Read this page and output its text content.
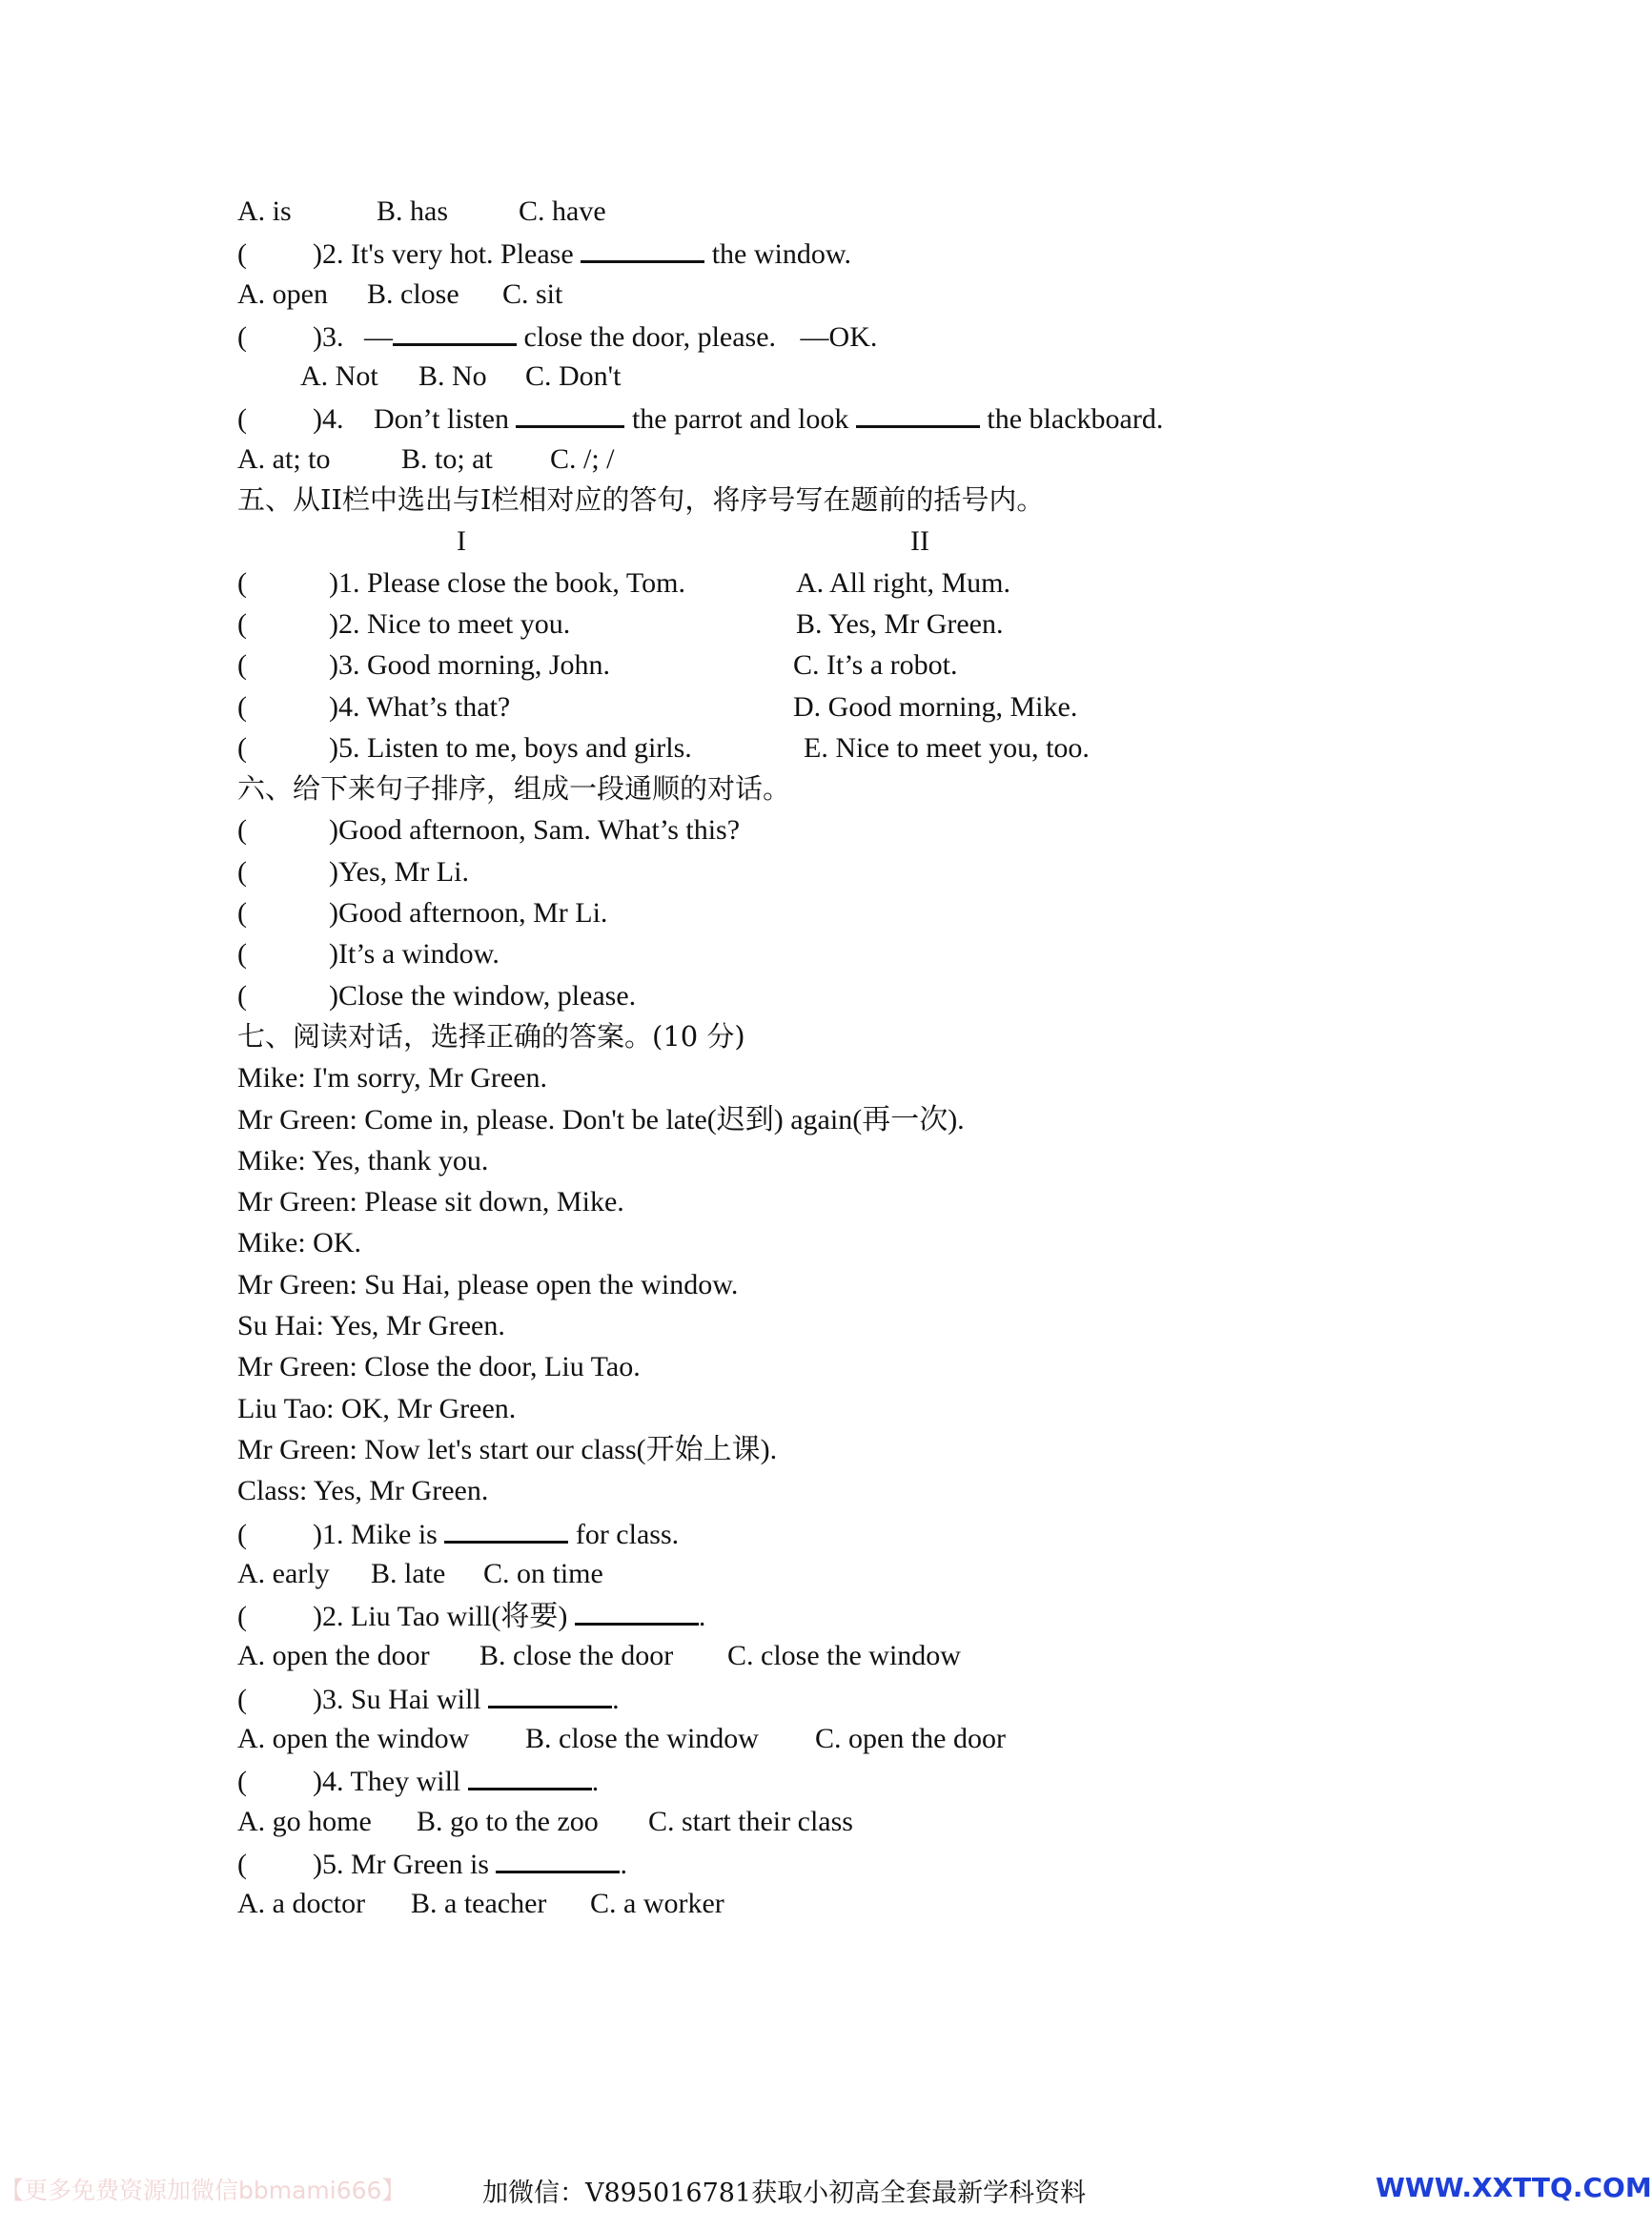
A. is	B. has C. have
( )2. It's very hot. Please	the window.
A. open B. close C. sit
( )3. —	close the door, please. —OK.
A. Not B. No C. Don't
( )4. Don’t listen	the parrot and look	the blackboard.
A. at; to B. to; at C. /; /
五、从II栏中选出与I栏相对应的答句，将序号写在题前的括号内。
I	II
(	)1. Please close the book, Tom.	A. All right, Mum.
(	)2. Nice to meet you.	B. Yes, Mr Green.
(	)3. Good morning, John.	C. It’s a robot.
(	)4. What’s that?	D. Good morning, Mike.
(	)5. Listen to me, boys and girls.	E. Nice to meet you, too.
六、给下来句子排序，组成一段通顺的对话。
(	)Good afternoon, Sam. What’s this?
(	)Yes, Mr Li.
(	)Good afternoon, Mr Li.
(	)It’s a window.
(	)Close the window, please.
七、阅读对话，选择正确的答案。(10 分)
Mike: I'm sorry, Mr Green.
Mr Green: Come in, please. Don't be late(迟到) again(再一次).
Mike: Yes, thank you.
Mr Green: Please sit down, Mike.
Mike: OK.
Mr Green: Su Hai, please open the window.
Su Hai: Yes, Mr Green.
Mr Green: Close the door, Liu Tao.
Liu Tao: OK, Mr Green.
Mr Green: Now let's start our class(开始上课).
Class: Yes, Mr Green.
( )1. Mike is	for class.
A. early B. late C. on time
( )2. Liu Tao will(将要)	.
A. open the door B. close the door C. close the window
( )3. Su Hai will	.
A. open the window B. close the window C. open the door
( )4. They will	.
A. go home B. go to the zoo C. start their class
( )5. Mr Green is	.
A. a doctor B. a teacher C. a worker
【更多免费资源加微信bbmami666】	加微信：V895016781获取小初高全套最新学科资料	WWW.XXTTQ.COM
